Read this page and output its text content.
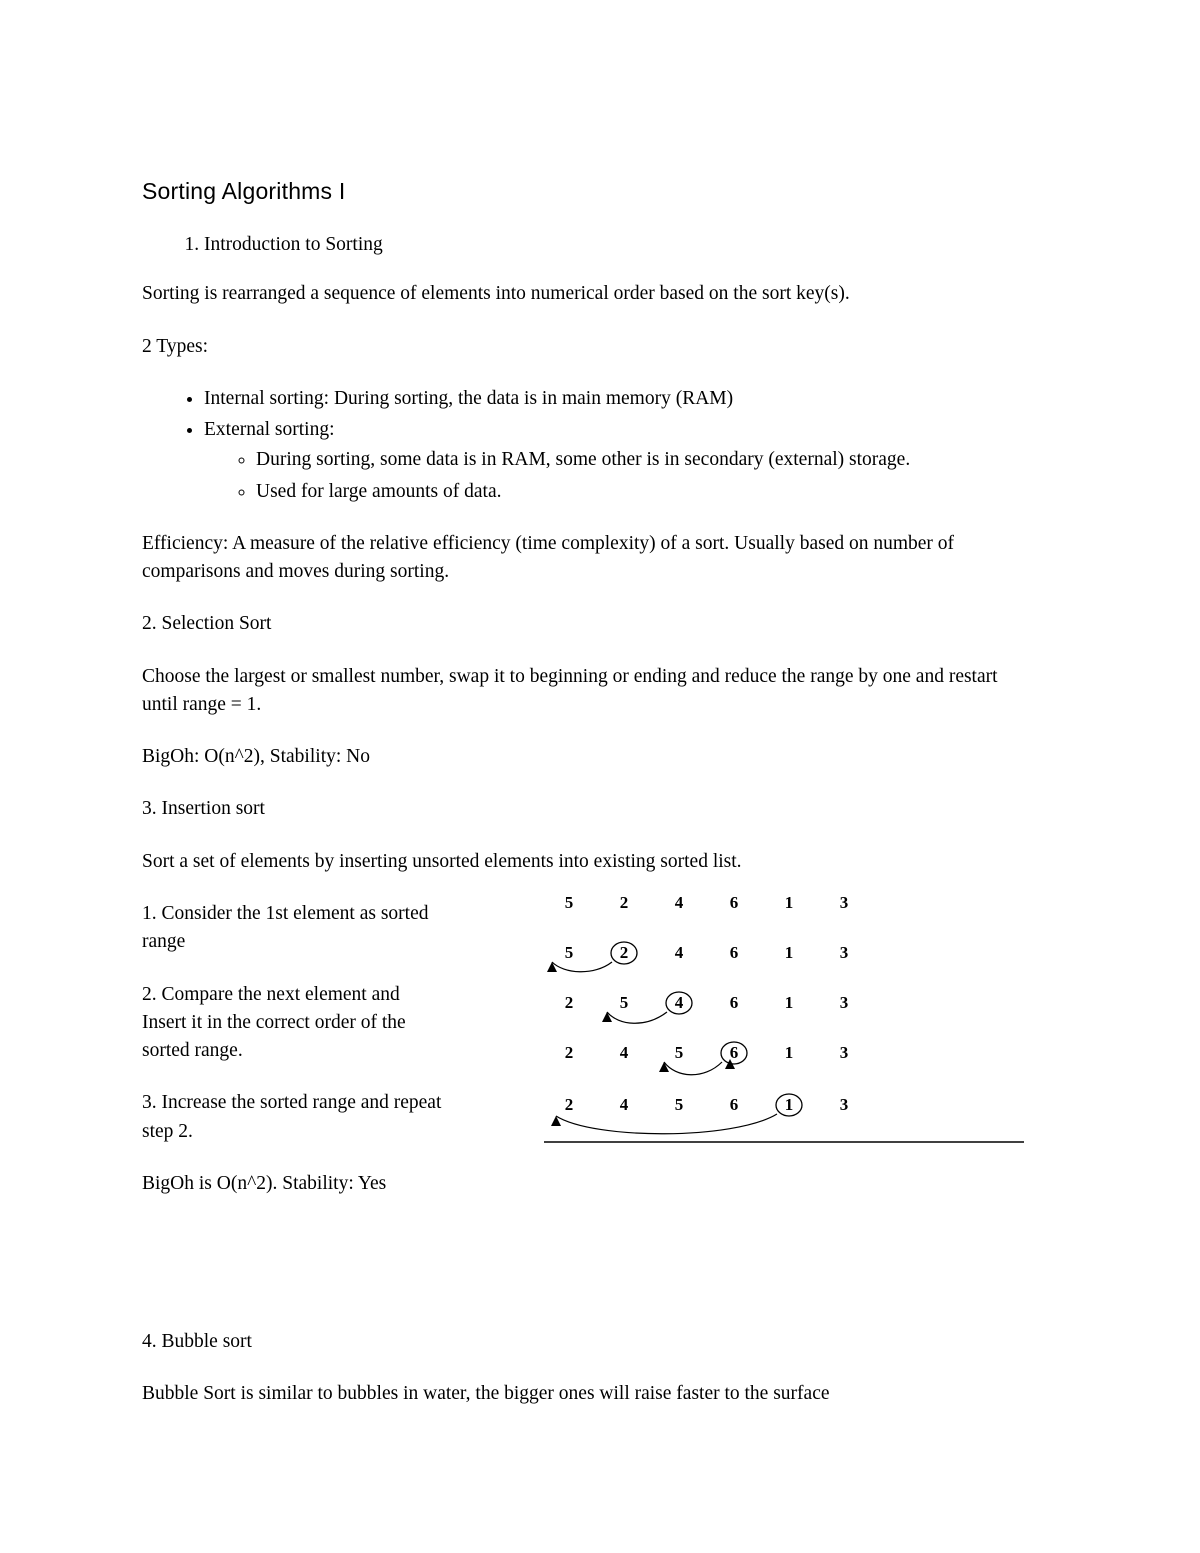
Sorting Algorithms I
1. Introduction to Sorting

Sorting is rearranged a sequence of elements into numerical order based on the sort key(s).

2 Types:

• Internal sorting: During sorting, the data is in main memory (RAM)
• External sorting:
◦ During sorting, some data is in RAM, some other is in secondary (external) storage.
◦ Used for large amounts of data.

Efficiency: A measure of the relative efficiency (time complexity) of a sort. Usually based on number of comparisons and moves during sorting.

2. Selection Sort

Choose the largest or smallest number, swap it to beginning or ending and reduce the range by one and restart until range = 1.

BigOh: O(n^2), Stability: No

3. Insertion sort

Sort a set of elements by inserting unsorted elements into existing sorted list.

1. Consider the 1st element as sorted range

2. Compare the next element and Insert it in the correct order of the sorted range.

3. Increase the sorted range and repeat step 2.

BigOh is O(n^2). Stability: Yes

5	2	4	6	1	3
5	2	4	6	1	3
2	5	4	6	1	3
2	4	5	6	1	3
2	4	5	6	1	3

4. Bubble sort

Bubble Sort is similar to bubbles in water, the bigger ones will raise faster to the surface
